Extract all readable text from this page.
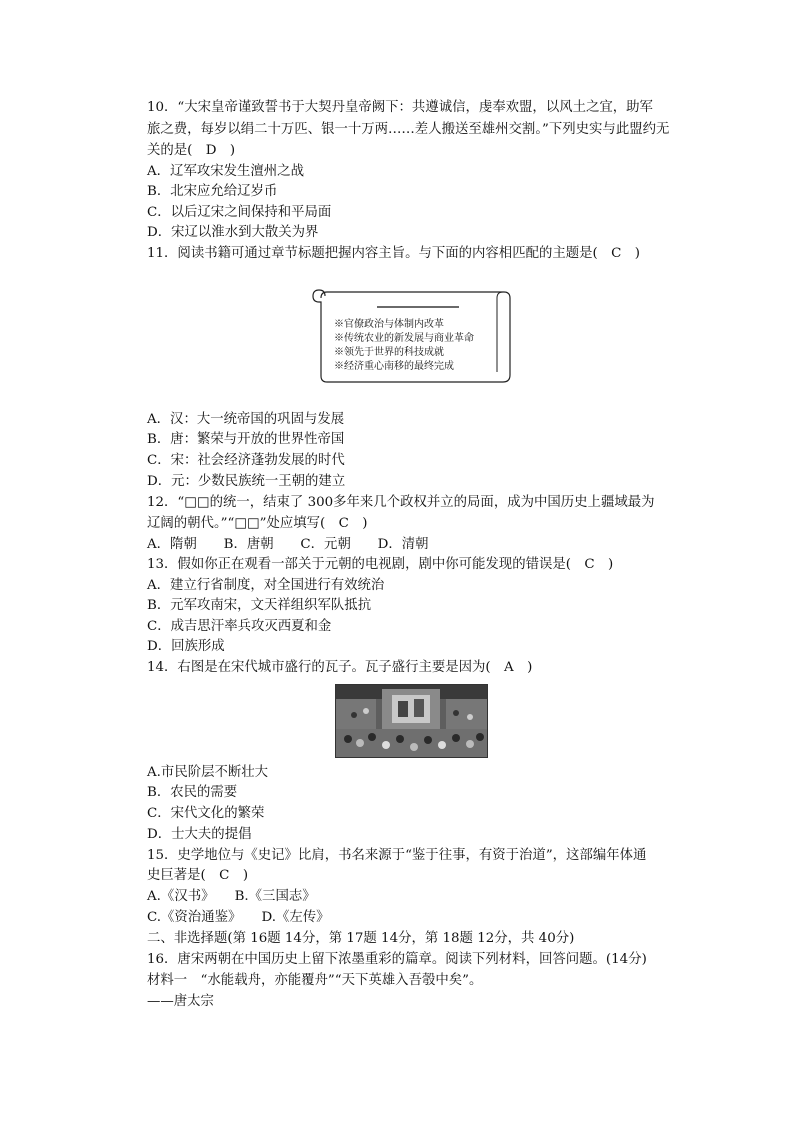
10．“大宋皇帝谨致誓书于大契丹皇帝阙下：共遵诚信，虔奉欢盟，以风土之宜，助军
旅之费，每岁以绢二十万匹、银一十万两……差人搬送至雄州交割。”下列史实与此盟约无
关的是(　D　)
A．辽军攻宋发生澶州之战
B．北宋应允给辽岁币
C．以后辽宋之间保持和平局面
D．宋辽以淮水到大散关为界
11．阅读书籍可通过章节标题把握内容主旨。与下面的内容相匹配的主题是(　C　)
※官僚政治与体制内改革
※传统农业的新发展与商业革命
※领先于世界的科技成就
※经济重心南移的最终完成
A．汉：大一统帝国的巩固与发展
B．唐：繁荣与开放的世界性帝国
C．宋：社会经济蓬勃发展的时代
D．元：少数民族统一王朝的建立
12．“□□的统一，结束了 300多年来几个政权并立的局面，成为中国历史上疆域最为
辽阔的朝代。”“□□”处应填写(　C　)
A．隋朝　　B．唐朝　　C．元朝　　D．清朝
13．假如你正在观看一部关于元朝的电视剧，剧中你可能发现的错误是(　C　)
A．建立行省制度，对全国进行有效统治
B．元军攻南宋，文天祥组织军队抵抗
C．成吉思汗率兵攻灭西夏和金
D．回族形成
14．右图是在宋代城市盛行的瓦子。瓦子盛行主要是因为(　A　)
A.市民阶层不断壮大
B．农民的需要
C．宋代文化的繁荣
D．士大夫的提倡
15．史学地位与《史记》比肩，书名来源于“鉴于往事，有资于治道”，这部编年体通
史巨著是(　C　)
A.《汉书》　　B.《三国志》
C.《资治通鉴》　　D.《左传》
二、非选择题(第 16题 14分，第 17题 14分，第 18题 12分，共 40分)
16．唐宋两朝在中国历史上留下浓墨重彩的篇章。阅读下列材料，回答问题。(14分)
材料一　“水能载舟，亦能覆舟”“天下英雄入吾彀中矣”。
——唐太宗
